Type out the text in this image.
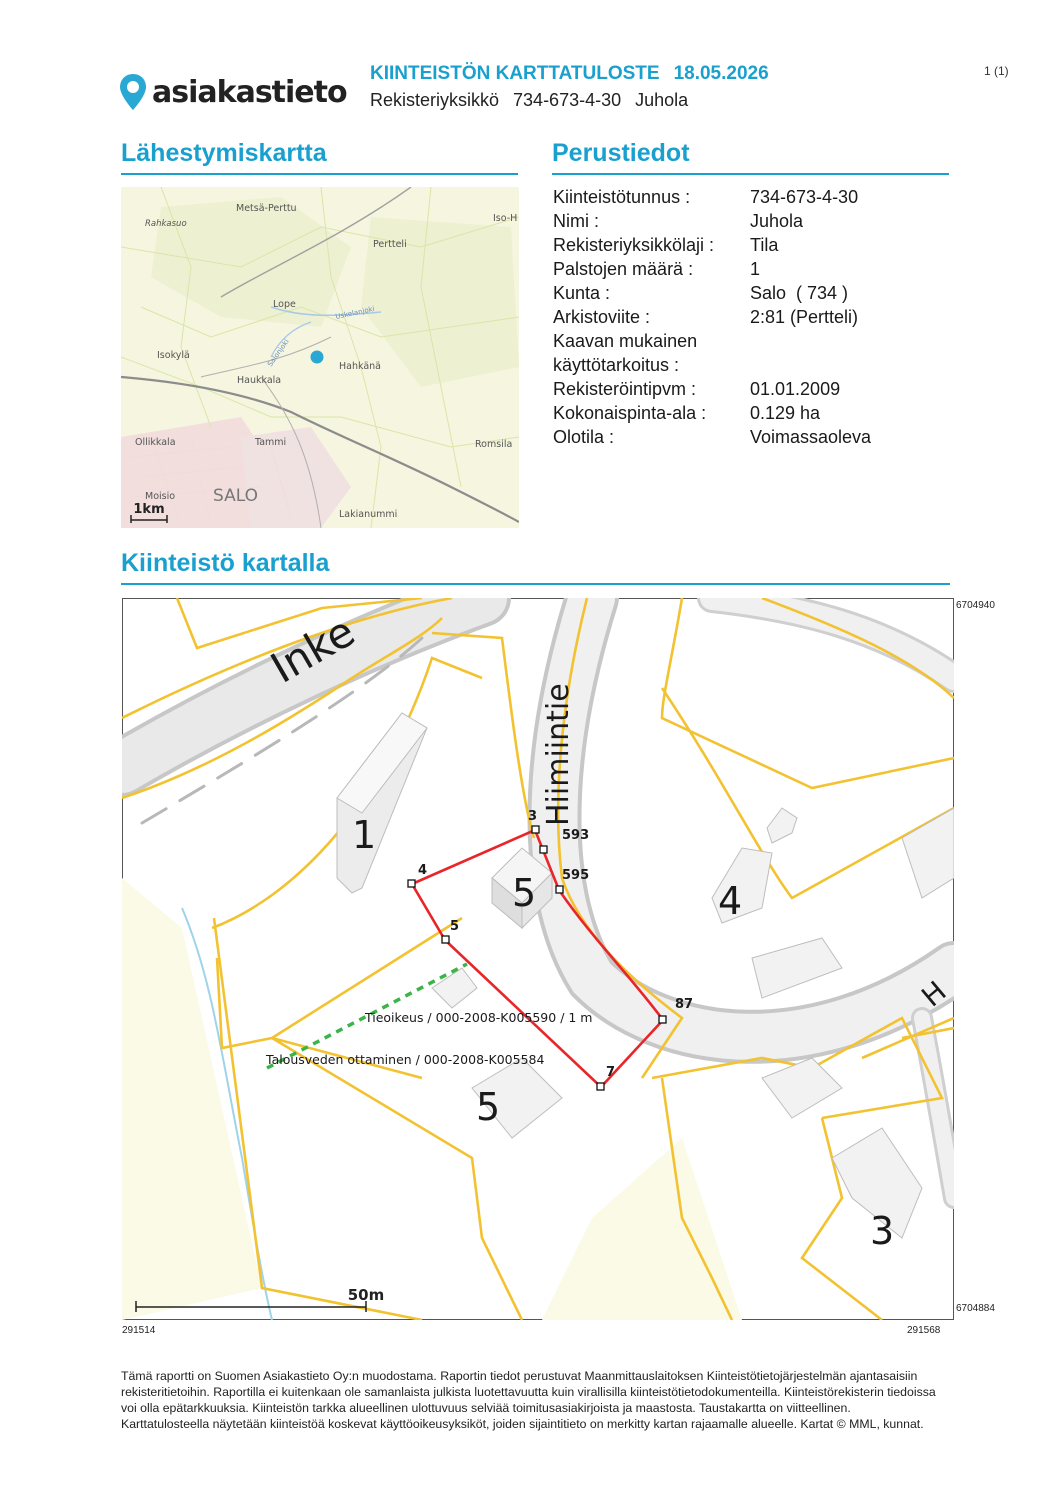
asiakastieto
KIINTEISTÖN KARTTATULOSTE 18.05.2026
Rekisteriyksikkö 734-673-4-30 Juhola
1 (1)
Lähestymiskartta	Perustiedot
Metsä-Perttu
Rahkasuo	Iso-H
Pertteli
Lope
Uskelanjoki
Isokylä	Salonjoki	Hahkänä
Haukkala
Ollikkala	Tammi	Romsila
Moisio SALO
Lakianummi
1km
Kiinteistötunnus :	734-673-4-30
Nimi :	Juhola
Rekisteriyksikkölaji :	Tila
Palstojen määrä :	1
Kunta :	Salo  ( 734 )
Arkistoviite :	2:81 (Pertteli)
Kaavan mukainen käyttötarkoitus :	
Rekisteröintipvm :	01.01.2009
Kokonaispinta-ala :	0.129 ha
Olotila :	Voimassaoleva
Kiinteistö kartalla
1
5	4
5
3
Inke
Hiimiintie
H
3
593
595
4
5
87
7
Tieoikeus / 000-2008-K005590 / 1 m
Talousveden ottaminen / 000-2008-K005584
50m
6704940
6704884
291514	291568
Tämä raportti on Suomen Asiakastieto Oy:n muodostama. Raportin tiedot perustuvat Maanmittauslaitoksen Kiinteistötietojärjestelmän ajantasaisiin rekisteritietoihin. Raportilla ei kuitenkaan ole samanlaista julkista luotettavuutta kuin virallisilla kiinteistötietodokumenteilla. Kiinteistörekisterin tiedoissa voi olla epätarkkuuksia. Kiinteistön tarkka alueellinen ulottuvuus selviää toimitusasiakirjoista ja maastosta. Taustakartta on viitteellinen. Karttatulosteella näytetään kiinteistöä koskevat käyttöoikeusyksiköt, joiden sijaintitieto on merkitty kartan rajaamalle alueelle. Kartat © MML, kunnat.
